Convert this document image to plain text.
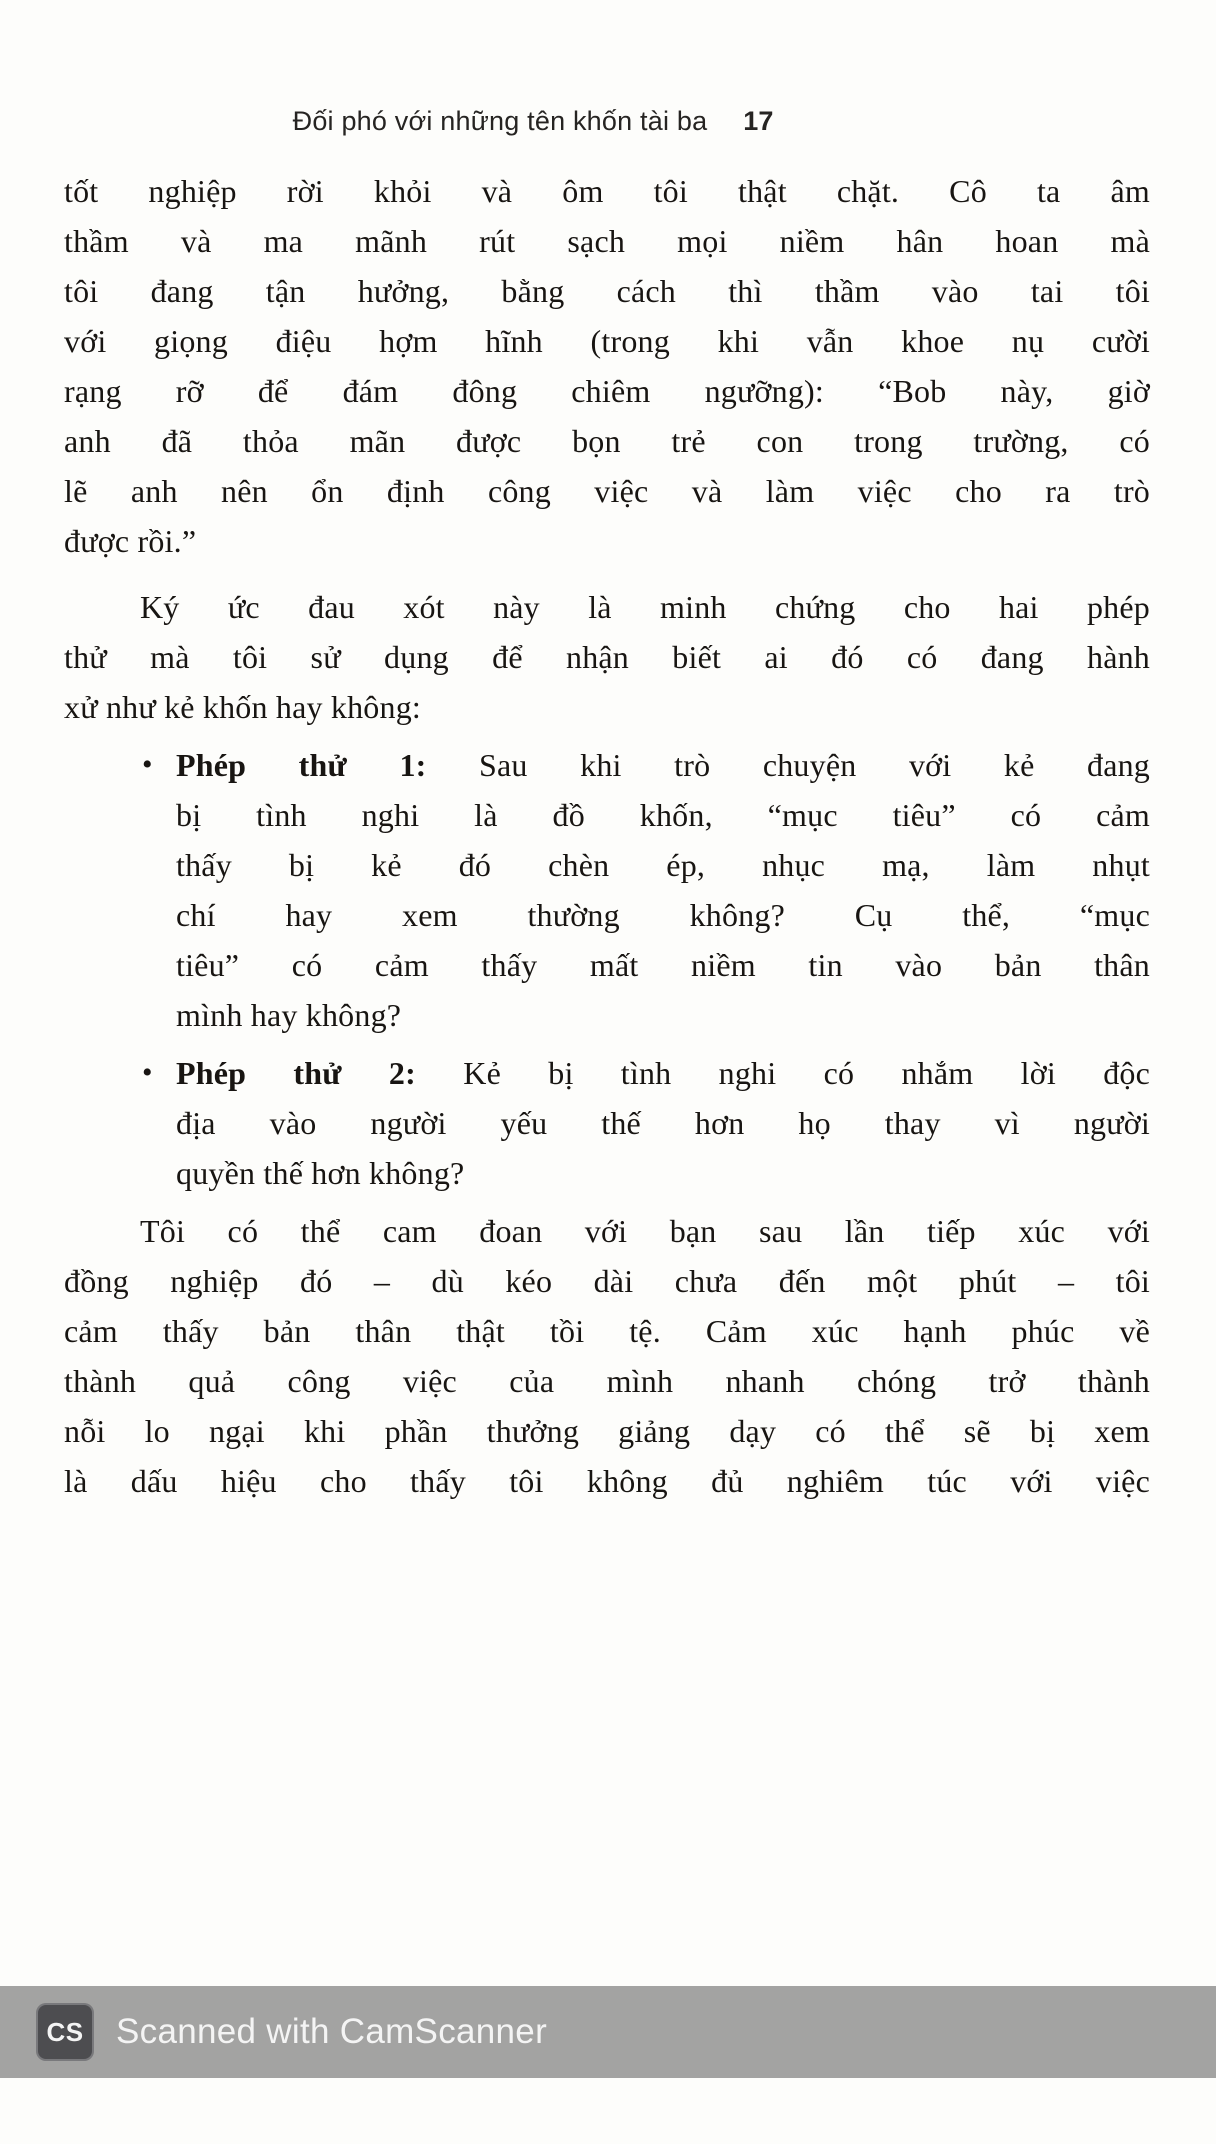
Đối phó với những tên khốn tài ba 17
tốt nghiệp rời khỏi và ôm tôi thật chặt. Cô ta âm
thầm và ma mãnh rút sạch mọi niềm hân hoan mà
tôi đang tận hưởng, bằng cách thì thầm vào tai tôi
với giọng điệu hợm hĩnh (trong khi vẫn khoe nụ cười
rạng rỡ để đám đông chiêm ngưỡng): “Bob này, giờ
anh đã thỏa mãn được bọn trẻ con trong trường, có
lẽ anh nên ổn định công việc và làm việc cho ra trò
được rồi.”
Ký ức đau xót này là minh chứng cho hai phép
thử mà tôi sử dụng để nhận biết ai đó có đang hành
xử như kẻ khốn hay không:
• Phép thử 1: Sau khi trò chuyện với kẻ đang
bị tình nghi là đồ khốn, “mục tiêu” có cảm
thấy bị kẻ đó chèn ép, nhục mạ, làm nhụt
chí hay xem thường không? Cụ thể, “mục
tiêu” có cảm thấy mất niềm tin vào bản thân
mình hay không?
• Phép thử 2: Kẻ bị tình nghi có nhắm lời độc
địa vào người yếu thế hơn họ thay vì người
quyền thế hơn không?
Tôi có thể cam đoan với bạn sau lần tiếp xúc với
đồng nghiệp đó – dù kéo dài chưa đến một phút – tôi
cảm thấy bản thân thật tồi tệ. Cảm xúc hạnh phúc về
thành quả công việc của mình nhanh chóng trở thành
nỗi lo ngại khi phần thưởng giảng dạy có thể sẽ bị xem
là dấu hiệu cho thấy tôi không đủ nghiêm túc với việc
CS Scanned with CamScanner
